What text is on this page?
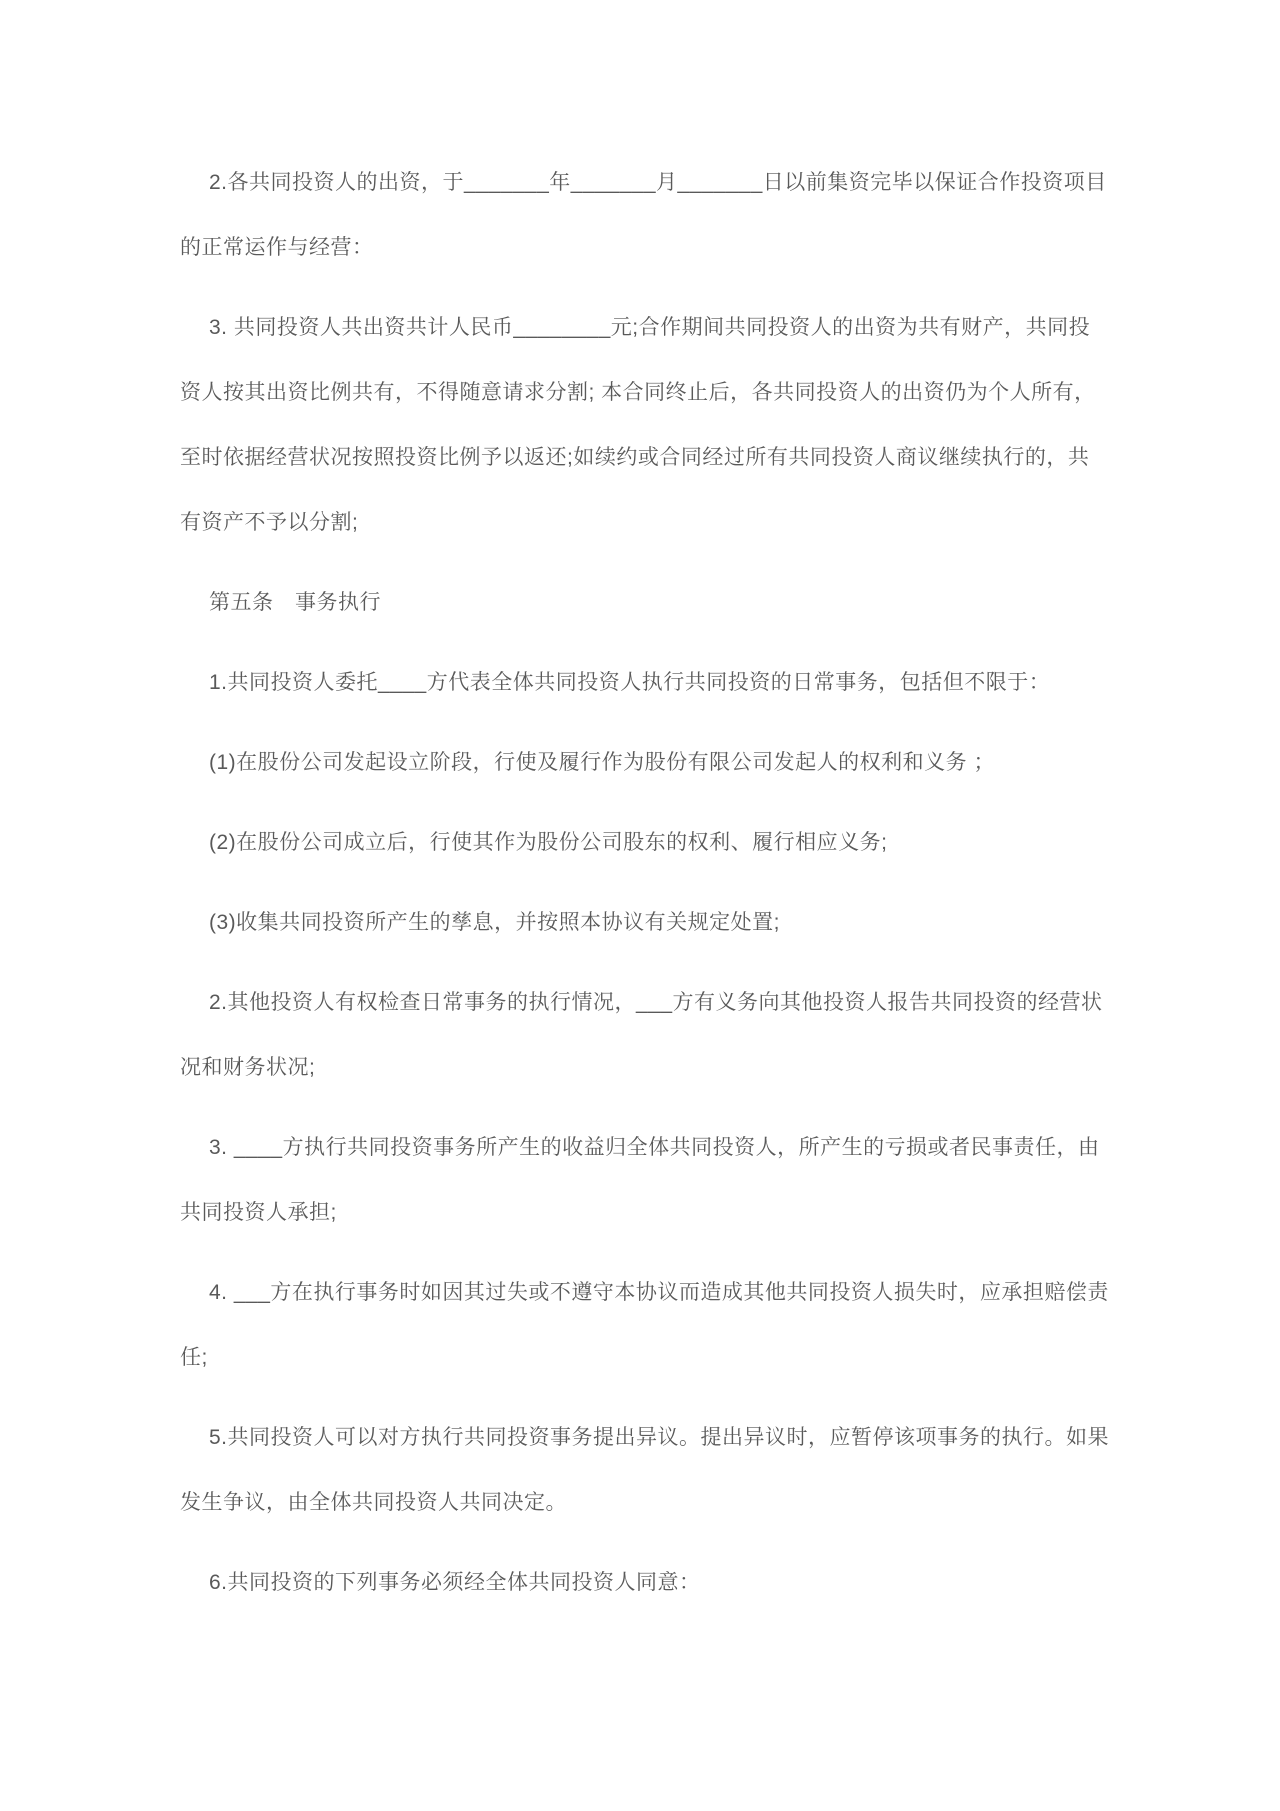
2.各共同投资人的出资，于_______年_______月_______日以前集资完毕以保证合作投资项目的正常运作与经营：

3. 共同投资人共出资共计人民币________元;合作期间共同投资人的出资为共有财产，共同投资人按其出资比例共有，不得随意请求分割; 本合同终止后，各共同投资人的出资仍为个人所有，至时依据经营状况按照投资比例予以返还;如续约或合同经过所有共同投资人商议继续执行的，共有资产不予以分割;

第五条　事务执行

1.共同投资人委托____方代表全体共同投资人执行共同投资的日常事务，包括但不限于：

(1)在股份公司发起设立阶段，行使及履行作为股份有限公司发起人的权利和义务 ；

(2)在股份公司成立后，行使其作为股份公司股东的权利、履行相应义务;

(3)收集共同投资所产生的孳息，并按照本协议有关规定处置;

2.其他投资人有权检查日常事务的执行情况，___方有义务向其他投资人报告共同投资的经营状况和财务状况;

3. ____方执行共同投资事务所产生的收益归全体共同投资人，所产生的亏损或者民事责任，由共同投资人承担;

4. ___方在执行事务时如因其过失或不遵守本协议而造成其他共同投资人损失时，应承担赔偿责任;

5.共同投资人可以对方执行共同投资事务提出异议。提出异议时，应暂停该项事务的执行。如果发生争议，由全体共同投资人共同决定。

6.共同投资的下列事务必须经全体共同投资人同意：
